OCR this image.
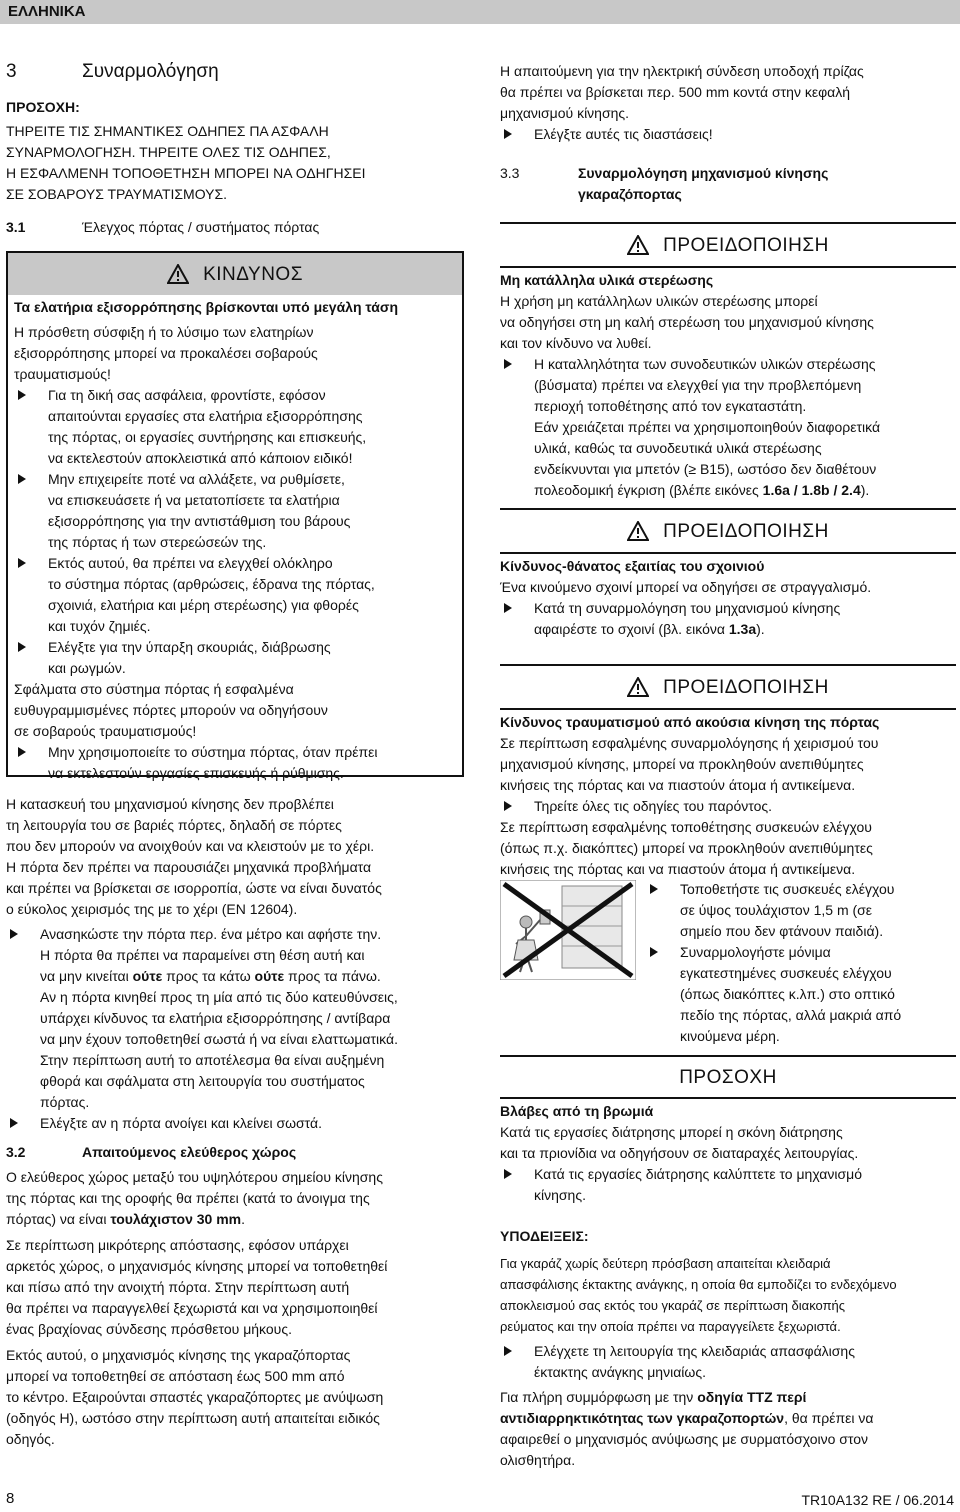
ΕΛΛΗΝΙΚΑ
3	Συναρμολόγηση

ΠΡΟΣΟΧΗ:

ΤΗΡΕΙΤΕ ΤΙΣ ΣΗΜΑΝΤΙΚΕΣ ΟΔΗΠΕΣ ΠΑ ΑΣΦΑΛΗ

ΣΥΝΑΡΜΟΛΟΓΗΣΗ. ΤΗΡΕΙΤΕ ΟΛΕΣ ΤΙΣ ΟΔΗΠΕΣ,

Η ΕΣΦΑΛΜΕΝΗ ΤΟΠΟΘΕΤΗΣΗ ΜΠΟΡΕΙ ΝΑ ΟΔΗΓΗΣΕΙ

ΣΕ ΣΟΒΑΡΟΥΣ ΤΡΑΥΜΑΤΙΣΜΟΥΣ.

3.1	Έλεγχος πόρτας / συστήματος πόρτας
ΚΙΝΔΥΝΟΣ

Τα ελατήρια εξισορρόπησης βρίσκονται υπό μεγάλη τάση

Η πρόσθετη σύσφιξη ή το λύσιμο των ελατηρίων

εξισορρόπησης μπορεί να προκαλέσει σοβαρούς

τραυματισμούς!

Για τη δική σας ασφάλεια, φροντίστε, εφόσον

απαιτούνται εργασίες στα ελατήρια εξισορρόπησης

της πόρτας, οι εργασίες συντήρησης και επισκευής,

να εκτελεστούν αποκλειστικά από κάποιον ειδικό!

Μην επιχειρείτε ποτέ να αλλάξετε, να ρυθμίσετε,

να επισκευάσετε ή να μετατοπίσετε τα ελατήρια

εξισορρόπησης για την αντιστάθμιση του βάρους

της πόρτας ή των στερεώσεών της.

Εκτός αυτού, θα πρέπει να ελεγχθεί ολόκληρο

το σύστημα πόρτας (αρθρώσεις, έδρανα της πόρτας,

σχοινιά, ελατήρια και μέρη στερέωσης) για φθορές

και τυχόν ζημιές.

Ελέγξτε για την ύπαρξη σκουριάς, διάβρωσης

και ρωγμών.

Σφάλματα στο σύστημα πόρτας ή εσφαλμένα

ευθυγραμμισμένες πόρτες μπορούν να οδηγήσουν

σε σοβαρούς τραυματισμούς!

Μην χρησιμοποιείτε το σύστημα πόρτας, όταν πρέπει

να εκτελεστούν εργασίες επισκευής ή ρύθμισης.

Η κατασκευή του μηχανισμού κίνησης δεν προβλέπει

τη λειτουργία του σε βαριές πόρτες, δηλαδή σε πόρτες

που δεν μπορούν να ανοιχθούν και να κλειστούν με το χέρι.

Η πόρτα δεν πρέπει να παρουσιάζει μηχανικά προβλήματα

και πρέπει να βρίσκεται σε ισορροπία, ώστε να είναι δυνατός

ο εύκολος χειρισμός της με το χέρι (EN 12604).

Ανασηκώστε την πόρτα περ. ένα μέτρο και αφήστε την.

Η πόρτα θα πρέπει να παραμείνει στη θέση αυτή και

να μην κινείται ούτε προς τα κάτω ούτε προς τα πάνω.

Αν η πόρτα κινηθεί προς τη μία από τις δύο κατευθύνσεις,

υπάρχει κίνδυνος τα ελατήρια εξισορρόπησης / αντίβαρα

να μην έχουν τοποθετηθεί σωστά ή να είναι ελαττωματικά.

Στην περίπτωση αυτή το αποτέλεσμα θα είναι αυξημένη

φθορά και σφάλματα στη λειτουργία του συστήματος

πόρτας.

Ελέγξτε αν η πόρτα ανοίγει και κλείνει σωστά.

3.2	Απαιτούμενος ελεύθερος χώρος

Ο ελεύθερος χώρος μεταξύ του υψηλότερου σημείου κίνησης

της πόρτας και της οροφής θα πρέπει (κατά το άνοιγμα της

πόρτας) να είναι τουλάχιστον 30 mm.

Σε περίπτωση μικρότερης απόστασης, εφόσον υπάρχει

αρκετός χώρος, ο μηχανισμός κίνησης μπορεί να τοποθετηθεί

και πίσω από την ανοιχτή πόρτα. Στην περίπτωση αυτή

θα πρέπει να παραγγελθεί ξεχωριστά και να χρησιμοποιηθεί

ένας βραχίονας σύνδεσης πρόσθετου μήκους.

Εκτός αυτού, ο μηχανισμός κίνησης της γκαραζόπορτας

μπορεί να τοποθετηθεί σε απόσταση έως 500 mm από

το κέντρο. Εξαιρούνται σπαστές γκαραζόπορτες με ανύψωση

(οδηγός Η), ωστόσο στην περίπτωση αυτή απαιτείται ειδικός

οδηγός.

Η απαιτούμενη για την ηλεκτρική σύνδεση υποδοχή πρίζας

θα πρέπει να βρίσκεται περ. 500 mm κοντά στην κεφαλή

μηχανισμού κίνησης.

Ελέγξτε αυτές τις διαστάσεις!

3.3	Συναρμολόγηση μηχανισμού κίνησης

γκαραζόπορτας

ΠΡΟΕΙΔΟΠΟΙΗΣΗ
Μη κατάλληλα υλικά στερέωσης

Η χρήση μη κατάλληλων υλικών στερέωσης μπορεί

να οδηγήσει στη μη καλή στερέωση του μηχανισμού κίνησης

και τον κίνδυνο να λυθεί.

Η καταλληλότητα των συνοδευτικών υλικών στερέωσης

(βύσματα) πρέπει να ελεγχθεί για την προβλεπόμενη

περιοχή τοποθέτησης από τον εγκαταστάτη.

Εάν χρειάζεται πρέπει να χρησιμοποιηθούν διαφορετικά

υλικά, καθώς τα συνοδευτικά υλικά στερέωσης

ενδείκνυνται για μπετόν (≥ B15), ωστόσο δεν διαθέτουν

πολεοδομική έγκριση (βλέπε εικόνες 1.6a / 1.8b / 2.4).

ΠΡΟΕΙΔΟΠΟΙΗΣΗ
Κίνδυνος-θάνατος εξαιτίας του σχοινιού

Ένα κινούμενο σχοινί μπορεί να οδηγήσει σε στραγγαλισμό.

Κατά τη συναρμολόγηση του μηχανισμού κίνησης

αφαιρέστε το σχοινί (βλ. εικόνα 1.3a).

ΠΡΟΕΙΔΟΠΟΙΗΣΗ
Κίνδυνος τραυματισμού από ακούσια κίνηση της πόρτας

Σε περίπτωση εσφαλμένης συναρμολόγησης ή χειρισμού του

μηχανισμού κίνησης, μπορεί να προκληθούν ανεπιθύμητες

κινήσεις της πόρτας και να πιαστούν άτομα ή αντικείμενα.

Τηρείτε όλες τις οδηγίες του παρόντος.

Σε περίπτωση εσφαλμένης τοποθέτησης συσκευών ελέγχου

(όπως π.χ. διακόπτες) μπορεί να προκληθούν ανεπιθύμητες

κινήσεις της πόρτας και να πιαστούν άτομα ή αντικείμενα.

Τοποθετήστε τις συσκευές ελέγχου

σε ύψος τουλάχιστον 1,5 m (σε

σημείο που δεν φτάνουν παιδιά).

Συναρμολογήστε μόνιμα

εγκατεστημένες συσκευές ελέγχου

(όπως διακόπτες κ.λπ.) στο οπτικό

πεδίο της πόρτας, αλλά μακριά από

κινούμενα μέρη.

ΠΡΟΣΟΧΗ
Βλάβες από τη βρωμιά

Κατά τις εργασίες διάτρησης μπορεί η σκόνη διάτρησης

και τα πριονίδια να οδηγήσουν σε διαταραχές λειτουργίας.

Κατά τις εργασίες διάτρησης καλύπτετε το μηχανισμό

κίνησης.

ΥΠΟΔΕΙΞΕΙΣ:

Για γκαράζ χωρίς δεύτερη πρόσβαση απαιτείται κλειδαριά

απασφάλισης έκτακτης ανάγκης, η οποία θα εμποδίζει το ενδεχόμενο

αποκλεισμού σας εκτός του γκαράζ σε περίπτωση διακοπής

ρεύματος και την οποία πρέπει να παραγγείλετε ξεχωριστά.

Ελέγχετε τη λειτουργία της κλειδαριάς απασφάλισης

έκτακτης ανάγκης μηνιαίως.

Για πλήρη συμμόρφωση με την οδηγία TTZ περί

αντιδιαρρηκτικότητας των γκαραζοπορτών, θα πρέπει να

αφαιρεθεί ο μηχανισμός ανύψωσης με συρματόσχοινο στον

ολισθητήρα.

8	TR10A132 RE / 06.2014
